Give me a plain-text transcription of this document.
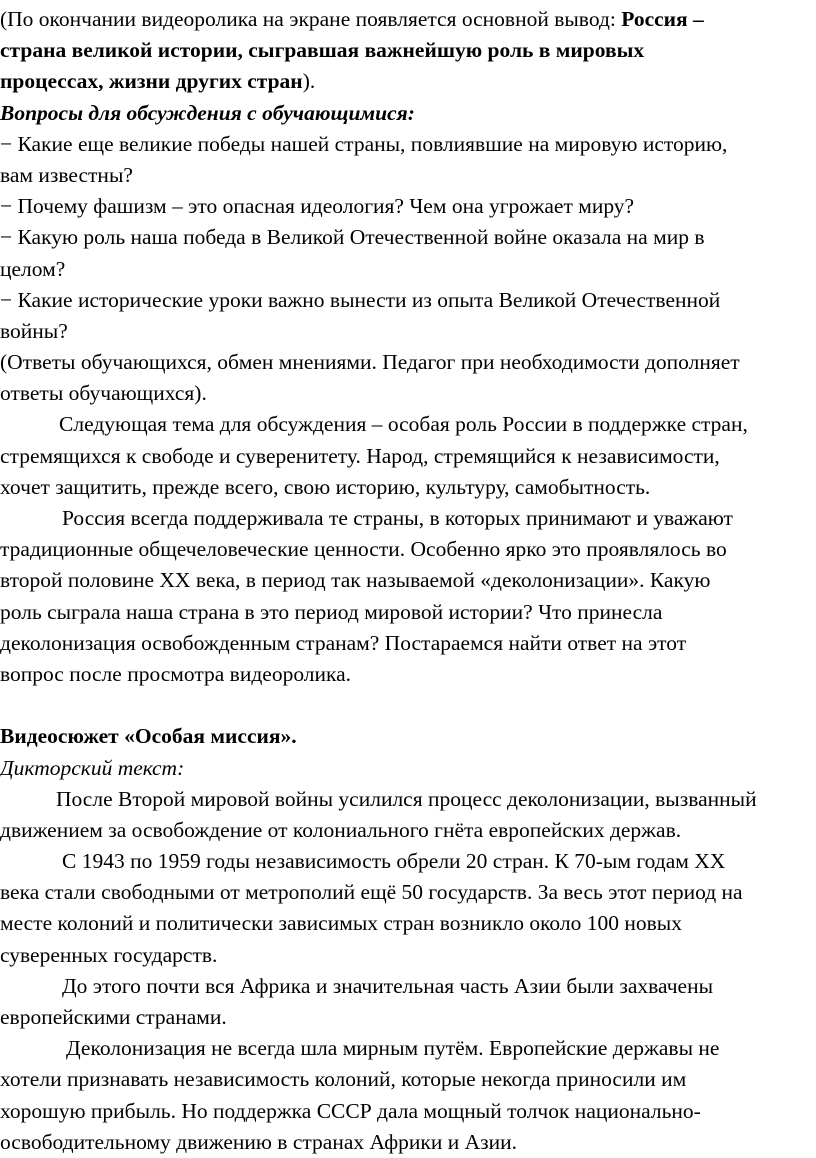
(По окончании видеоролика на экране появляется основной вывод: Россия –
страна великой истории, сыгравшая важнейшую роль в мировых
процессах, жизни других стран).
Вопросы для обсуждения с обучающимися:
− Какие еще великие победы нашей страны, повлиявшие на мировую историю,
вам известны?
− Почему фашизм – это опасная идеология? Чем она угрожает миру?
− Какую роль наша победа в Великой Отечественной войне оказала на мир в
целом?
− Какие исторические уроки важно вынести из опыта Великой Отечественной
войны?
(Ответы обучающихся, обмен мнениями. Педагог при необходимости дополняет
ответы обучающихся).
Следующая тема для обсуждения – особая роль России в поддержке стран,
стремящихся к свободе и суверенитету. Народ, стремящийся к независимости,
хочет защитить, прежде всего, свою историю, культуру, самобытность.
Россия всегда поддерживала те страны, в которых принимают и уважают
традиционные общечеловеческие ценности. Особенно ярко это проявлялось во
второй половине XX века, в период так называемой «деколонизации». Какую
роль сыграла наша страна в это период мировой истории? Что принесла
деколонизация освобожденным странам? Постараемся найти ответ на этот
вопрос после просмотра видеоролика.
Видеосюжет «Особая миссия».
Дикторский текст:
После Второй мировой войны усилился процесс деколонизации, вызванный
движением за освобождение от колониального гнёта европейских держав.
С 1943 по 1959 годы независимость обрели 20 стран. К 70-ым годам XX
века стали свободными от метрополий ещё 50 государств. За весь этот период на
месте колоний и политически зависимых стран возникло около 100 новых
суверенных государств.
До этого почти вся Африка и значительная часть Азии были захвачены
европейскими странами.
Деколонизация не всегда шла мирным путём. Европейские державы не
хотели признавать независимость колоний, которые некогда приносили им
хорошую прибыль. Но поддержка СССР дала мощный толчок национально-
освободительному движению в странах Африки и Азии.
